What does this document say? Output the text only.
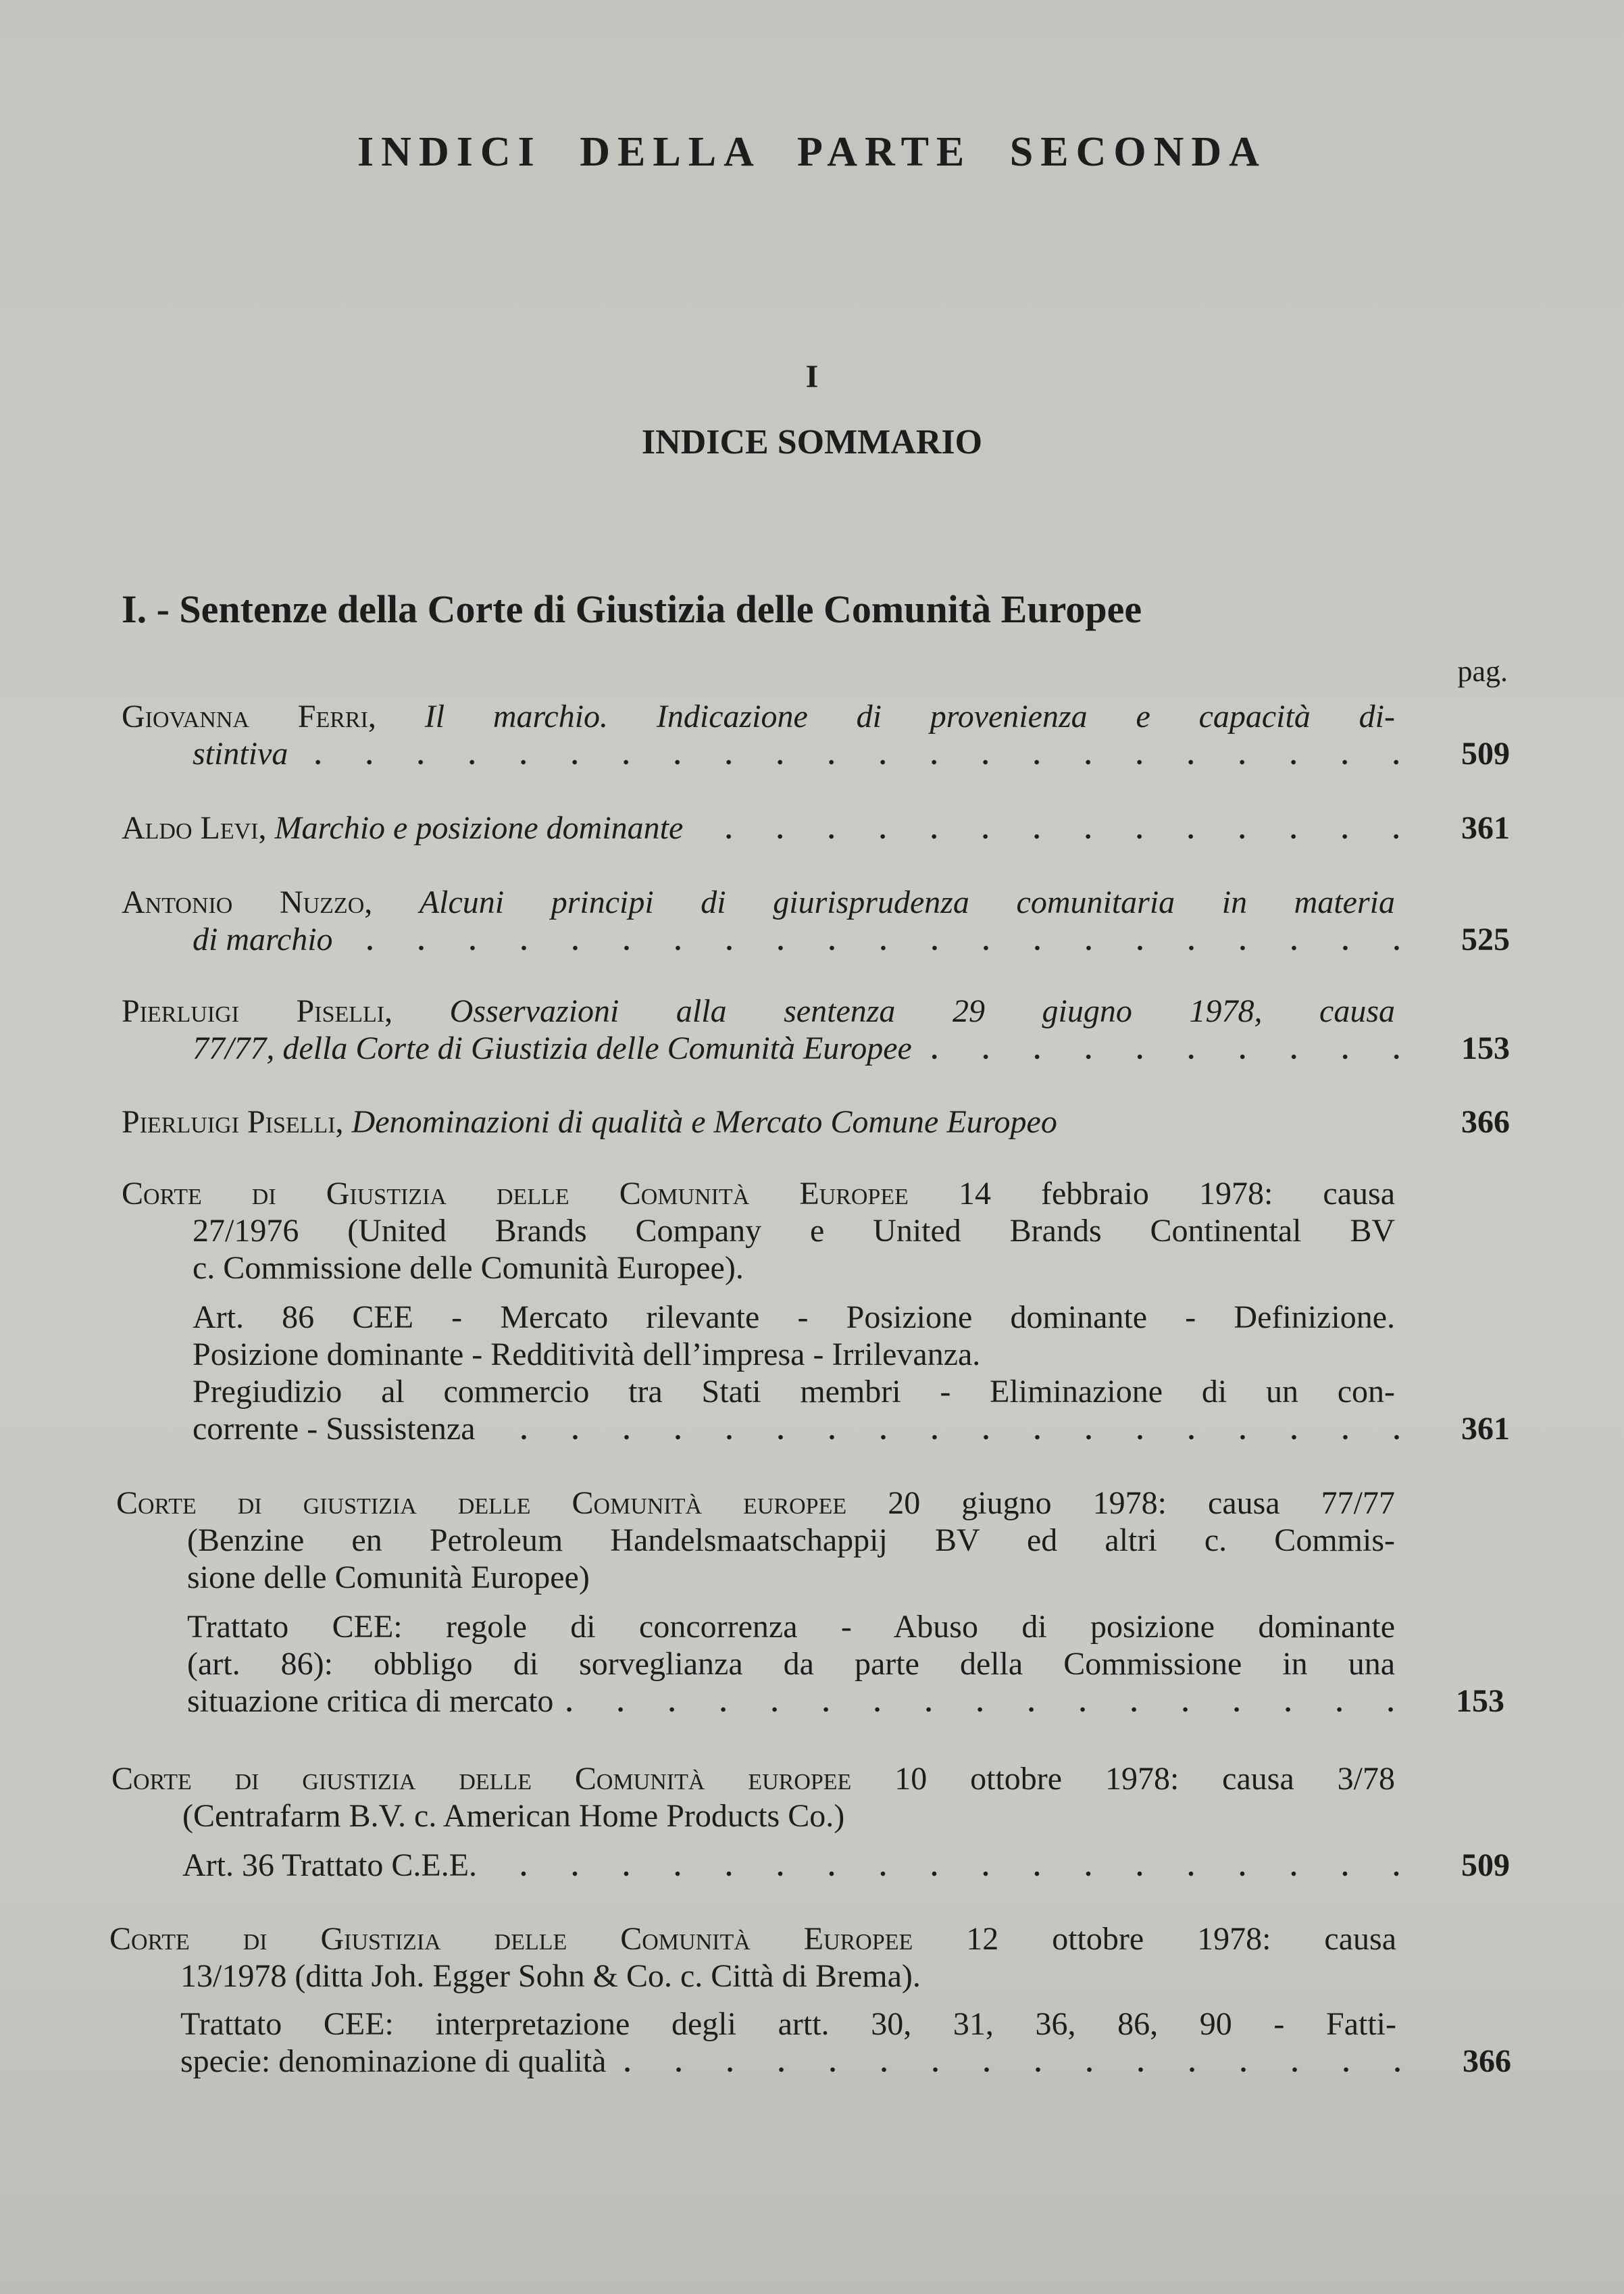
INDICI DELLA PARTE SECONDA
I
INDICE SOMMARIO
I. - Sentenze della Corte di Giustizia delle Comunità Europee
pag.
Giovanna Ferri, Il marchio. Indicazione di provenienza e capacità di-
stintiva	509
Aldo Levi, Marchio e posizione dominante	361
Antonio Nuzzo, Alcuni principi di giurisprudenza comunitaria in materia
di marchio	525
Pierluigi Piselli, Osservazioni alla sentenza 29 giugno 1978, causa
77/77, della Corte di Giustizia delle Comunità Europee	153
Pierluigi Piselli, Denominazioni di qualità e Mercato Comune Europeo	366
Corte di Giustizia delle Comunità Europee 14 febbraio 1978: causa
27/1976 (United Brands Company e United Brands Continental BV
c. Commissione delle Comunità Europee).
Art. 86 CEE - Mercato rilevante - Posizione dominante - Definizione.
Posizione dominante - Redditività dell’impresa - Irrilevanza.
Pregiudizio al commercio tra Stati membri - Eliminazione di un con-
corrente - Sussistenza	361
Corte di giustizia delle Comunità europee 20 giugno 1978: causa 77/77
(Benzine en Petroleum Handelsmaatschappij BV ed altri c. Commis-
sione delle Comunità Europee)
Trattato CEE: regole di concorrenza - Abuso di posizione dominante
(art. 86): obbligo di sorveglianza da parte della Commissione in una
situazione critica di mercato	153
Corte di giustizia delle Comunità europee 10 ottobre 1978: causa 3/78
(Centrafarm B.V. c. American Home Products Co.)
Art. 36 Trattato C.E.E.	509
Corte di Giustizia delle Comunità Europee 12 ottobre 1978: causa
13/1978 (ditta Joh. Egger Sohn & Co. c. Città di Brema).
Trattato CEE: interpretazione degli artt. 30, 31, 36, 86, 90 - Fatti-
specie: denominazione di qualità	366
